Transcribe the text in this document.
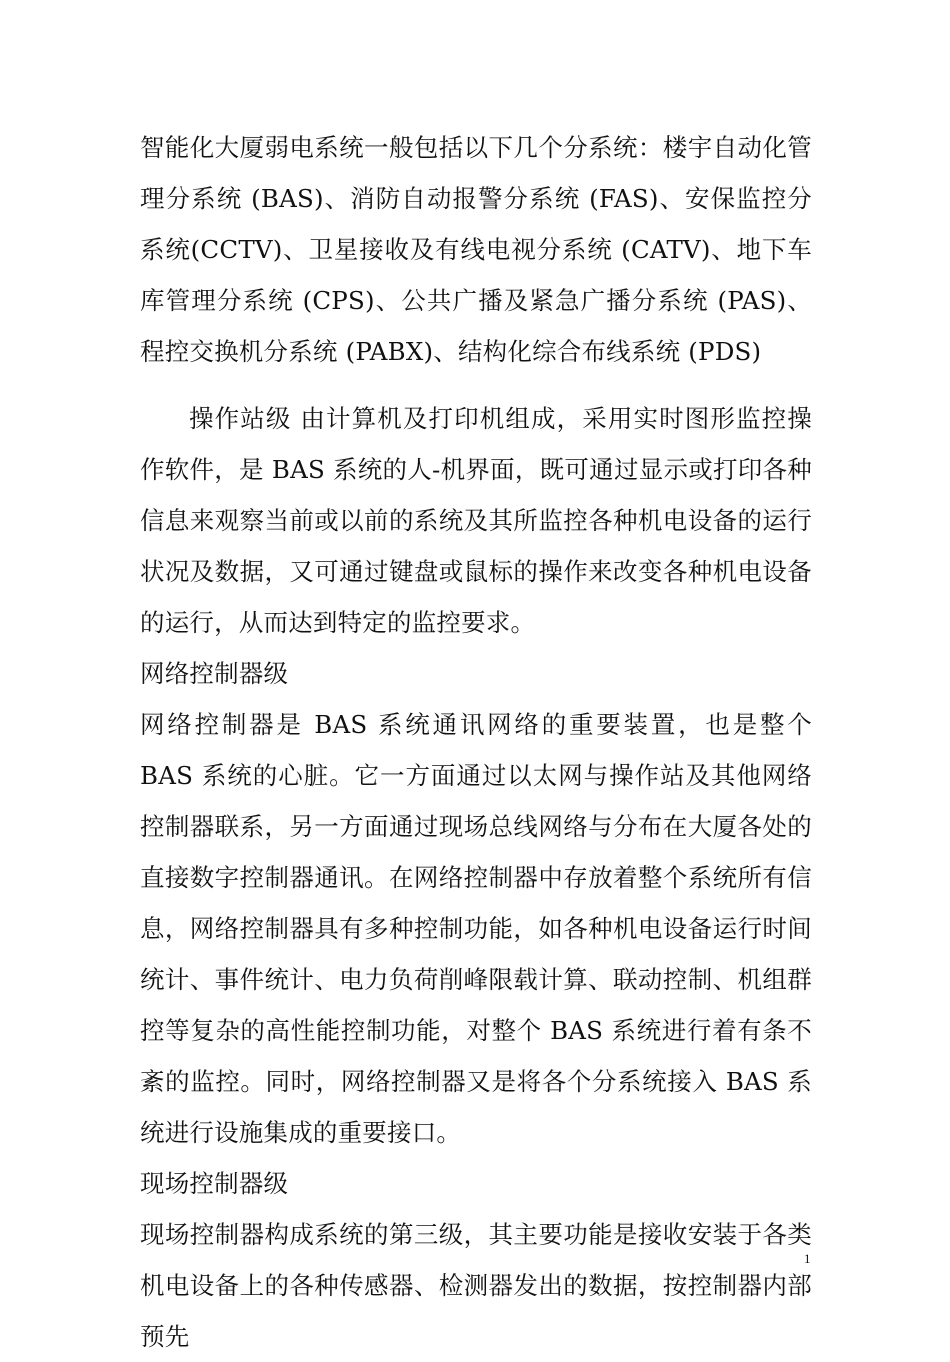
智能化大厦弱电系统一般包括以下几个分系统：楼宇自动化管理分系统 (BAS)、消防自动报警分系统 (FAS)、安保监控分系统(CCTV)、卫星接收及有线电视分系统 (CATV)、地下车库管理分系统 (CPS)、公共广播及紧急广播分系统 (PAS)、程控交换机分系统 (PABX)、结构化综合布线系统 (PDS)

操作站级 由计算机及打印机组成，采用实时图形监控操作软件，是 BAS 系统的人-机界面，既可通过显示或打印各种信息来观察当前或以前的系统及其所监控各种机电设备的运行状况及数据，又可通过键盘或鼠标的操作来改变各种机电设备的运行，从而达到特定的监控要求。

网络控制器级

网络控制器是 BAS 系统通讯网络的重要装置，也是整个 BAS 系统的心脏。它一方面通过以太网与操作站及其他网络控制器联系，另一方面通过现场总线网络与分布在大厦各处的直接数字控制器通讯。在网络控制器中存放着整个系统所有信息，网络控制器具有多种控制功能，如各种机电设备运行时间统计、事件统计、电力负荷削峰限载计算、联动控制、机组群控等复杂的高性能控制功能，对整个 BAS 系统进行着有条不紊的监控。同时，网络控制器又是将各个分系统接入 BAS 系统进行设施集成的重要接口。

现场控制器级

现场控制器构成系统的第三级，其主要功能是接收安装于各类机电设备上的各种传感器、检测器发出的数据，按控制器内部预先

1
